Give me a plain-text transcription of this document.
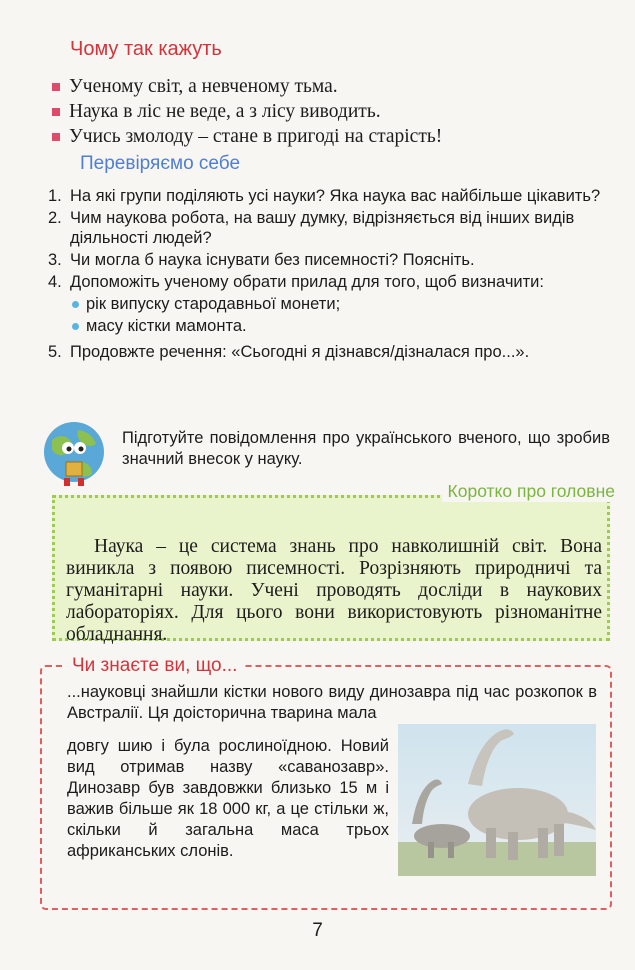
Чому так кажуть
Ученому світ, а невченому тьма.
Наука в ліс не веде, а з лісу виводить.
Учись змолоду – стане в пригоді на старість!
Перевіряємо себе
1. На які групи поділяють усі науки? Яка наука вас найбільше цікавить?
2. Чим наукова робота, на вашу думку, відрізняється від інших видів діяльності людей?
3. Чи могла б наука існувати без писемності? Поясніть.
4. Допоможіть ученому обрати прилад для того, щоб визначити:
рік випуску стародавньої монети;
масу кістки мамонта.
5. Продовжте речення: «Сьогодні я дізнався/дізналася про...».
Підготуйте повідомлення про українського вченого, що зробив значний внесок у науку.
Коротко про головне
Наука – це система знань про навколишній світ. Вона виникла з появою писемності. Розрізняють природничі та гуманітарні науки. Учені проводять досліди в наукових лабораторіях. Для цього вони використовують різноманітне обладнання.
Чи знаєте ви, що...
...науковці знайшли кістки нового виду динозавра під час розкопок в Австралії. Ця доісторична тварина мала
довгу шию і була рослиноїдною. Новий вид отримав назву «саванозавр». Динозавр був завдовжки близько 15 м і важив більше як 18 000 кг, а це стільки ж, скільки й загальна маса трьох африканських слонів.
7
